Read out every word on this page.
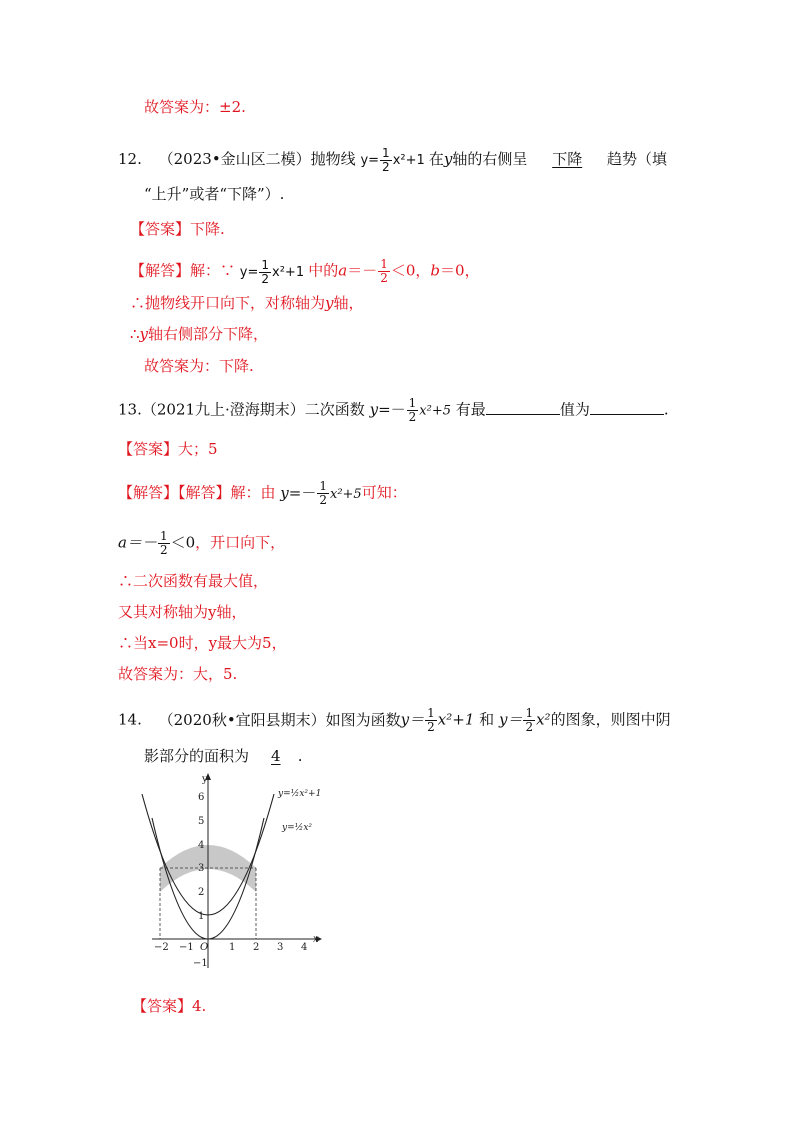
故答案为：±2.
12. （2023•金山区二模）抛物线 $y= \frac{1}{2} x^2+1$ 在y轴的右侧呈 下降 趋势（填
“上升”或者“下降”）.
【答案】下降.
【解答】解：∵ $y= \frac{1}{2} x^2+1$ 中的$a=- \frac{1}{2} <0$，b＝0，
∴抛物线开口向下，对称轴为y轴，
∴y轴右侧部分下降，
故答案为：下降.
13.（2021九上·澄海期末）二次函数 $y=- \frac{1}{2} x^2+5$ 有最	值为	.
【答案】大；5
【解答】【解答】解：由 $y=- \frac{1}{2} x^2+5$可知：
$a=- \frac{1}{2} <0$，开口向下，
∴二次函数有最大值，
又其对称轴为y轴，
∴当x=0时，y最大为5，
故答案为：大，5.
14. （2020秋•宜阳县期末）如图为函数$y= \frac{1}{2} x^2+1$ 和 $y= \frac{1}{2} x^2$的图象，则图中阴
影部分的面积为 4 .
y
x
O
−2 −1	1 2 3 4
6
5
4
3
2
1
−1
y=½x²+1
y=½x²
【答案】4.
